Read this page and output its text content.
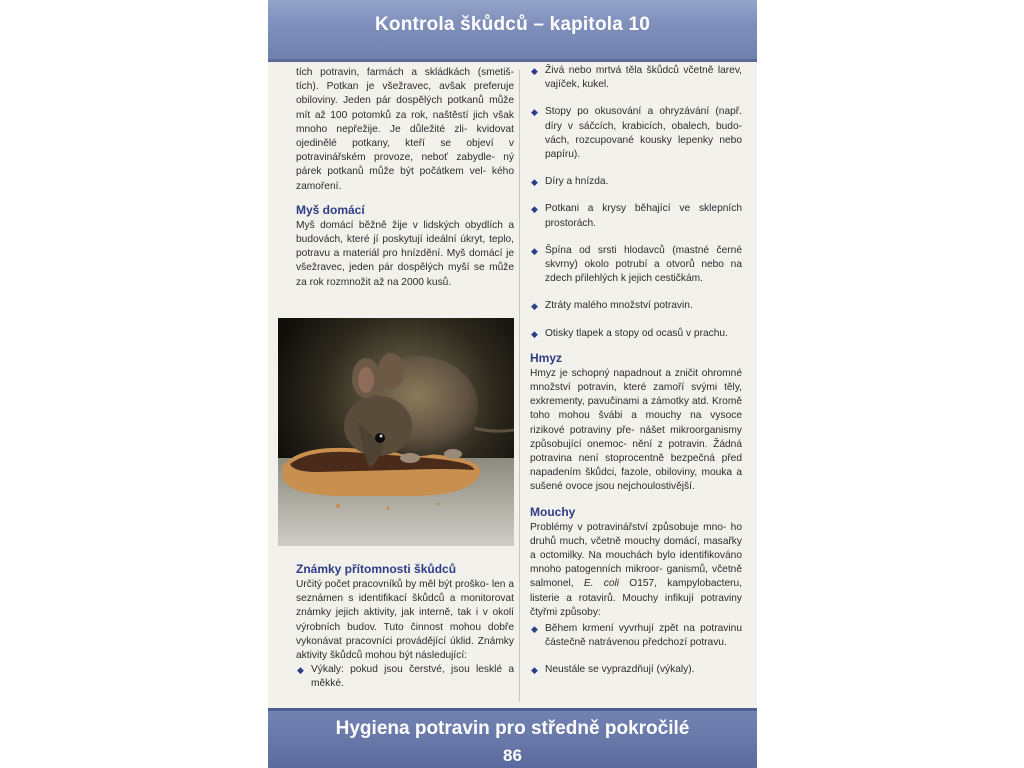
Kontrola škůdců – kapitola 10

tích potravin, farmách a skládkách (smetiš- tích). Potkan je všežravec, avšak preferuje obiloviny. Jeden pár dospělých potkanů může mít až 100 potomků za rok, naštěstí jich však mnoho nepřežije. Je důležité zli- kvidovat ojedinělé potkany, kteří se objeví v potravinářském provoze, neboť zabydle- ný párek potkanů může být počátkem vel- kého zamoření.

Myš domácí

Myš domácí běžně žije v lidských obydlích a budovách, které jí poskytují ideální úkryt, teplo, potravu a materiál pro hnízdění. Myš domácí je všežravec, jeden pár dospělých myší se může za rok rozmnožit až na 2000 kusů.

Známky přítomnosti škůdců

Určitý počet pracovníků by měl být proško- len a seznámen s identifikací škůdců a monitorovat známky jejich aktivity, jak interně, tak i v okolí výrobních budov. Tuto činnost mohou dobře vykonávat pracovníci provádějící úklid. Známky aktivity škůdců mohou být následující:

◆ Výkaly: pokud jsou čerstvé, jsou lesklé a měkké.
◆ Živá nebo mrtvá těla škůdců včetně larev, vajíček, kukel.
◆ Stopy po okusování a ohryzávání (např. díry v sáčcích, krabicích, obalech, budo- vách, rozcupované kousky lepenky nebo papíru).
◆ Díry a hnízda.
◆ Potkani a krysy běhající ve sklepních prostorách.
◆ Špína od srsti hlodavců (mastné černé skvrny) okolo potrubí a otvorů nebo na zdech přilehlých k jejich cestičkám.
◆ Ztráty malého množství potravin.
◆ Otisky tlapek a stopy od ocasů v prachu.
Hmyz

Hmyz je schopný napadnout a zničit ohromné množství potravin, které zamoří svými těly, exkrementy, pavučinami a zámotky atd. Kromě toho mohou švábi a mouchy na vysoce rizikové potraviny pře- nášet mikroorganismy způsobující onemoc- nění z potravin. Žádná potravina není stoprocentně bezpečná před napadením škůdci, fazole, obiloviny, mouka a sušené ovoce jsou nejchoulostivější.

Mouchy

Problémy v potravinářství způsobuje mno- ho druhů much, včetně mouchy domácí, masařky a octomilky. Na mouchách bylo identifikováno mnoho patogenních mikroor- ganismů, včetně salmonel, E. coli O157, kampylobacteru, listerie a rotavirů. Mouchy infikují potraviny čtyřmi způsoby:

◆ Během krmení vyvrhují zpět na potravinu částečně natrávenou předchozí potravu.
◆ Neustále se vyprazdňují (výkaly).
Hygiena potravin pro středně pokročilé
86
